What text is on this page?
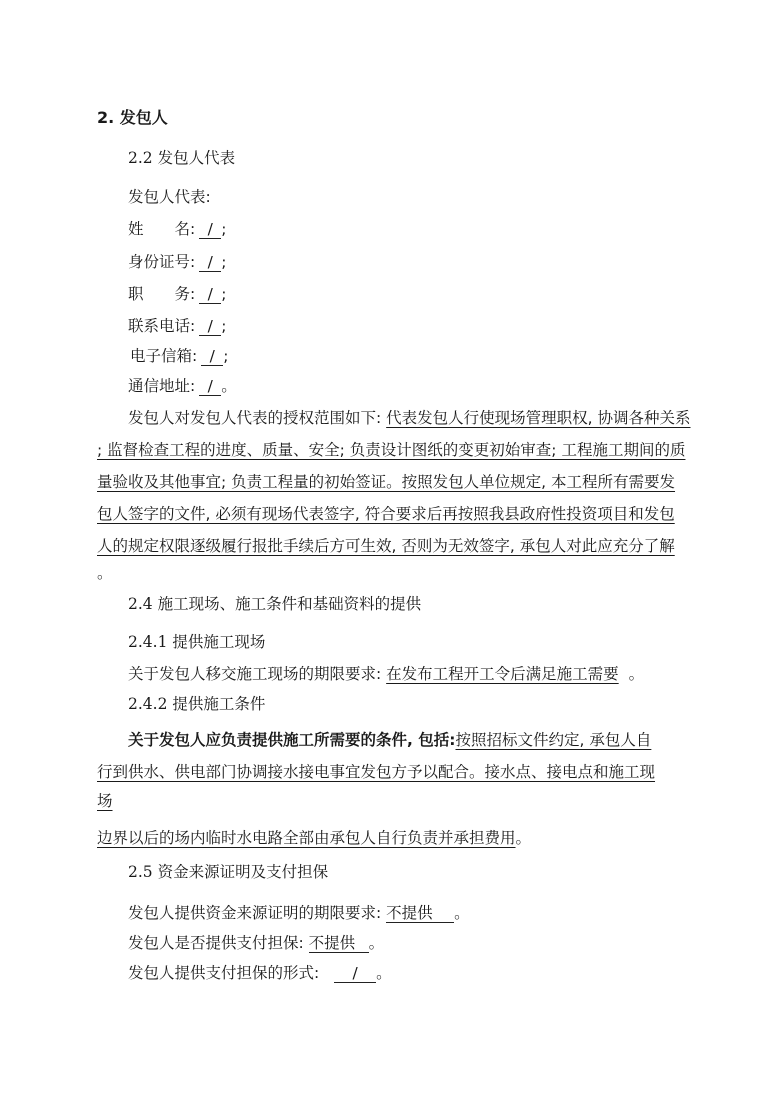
2. 发包人
2.2 发包人代表
发包人代表:
姓　　名: / ;
身份证号: / ;
职　　务: / ;
联系电话: / ;
电子信箱: / ;
通信地址: / 。
发包人对发包人代表的授权范围如下: 代表发包人行使现场管理职权, 协调各种关系
; 监督检查工程的进度、质量、安全; 负责设计图纸的变更初始审查; 工程施工期间的质
量验收及其他事宜; 负责工程量的初始签证。按照发包人单位规定, 本工程所有需要发
包人签字的文件, 必须有现场代表签字, 符合要求后再按照我县政府性投资项目和发包
人的规定权限逐级履行报批手续后方可生效, 否则为无效签字, 承包人对此应充分了解
。
2.4 施工现场、施工条件和基础资料的提供
2.4.1 提供施工现场
关于发包人移交施工现场的期限要求: 在发布工程开工令后满足施工需要 。
2.4.2 提供施工条件
关于发包人应负责提供施工所需要的条件, 包括:按照招标文件约定, 承包人自
行到供水、供电部门协调接水接电事宜发包方予以配合。接水点、接电点和施工现
场
边界以后的场内临时水电路全部由承包人自行负责并承担费用。
2.5 资金来源证明及支付担保
发包人提供资金来源证明的期限要求: 不提供 。
发包人是否提供支付担保: 不提供 。
发包人提供支付担保的形式: / 。
